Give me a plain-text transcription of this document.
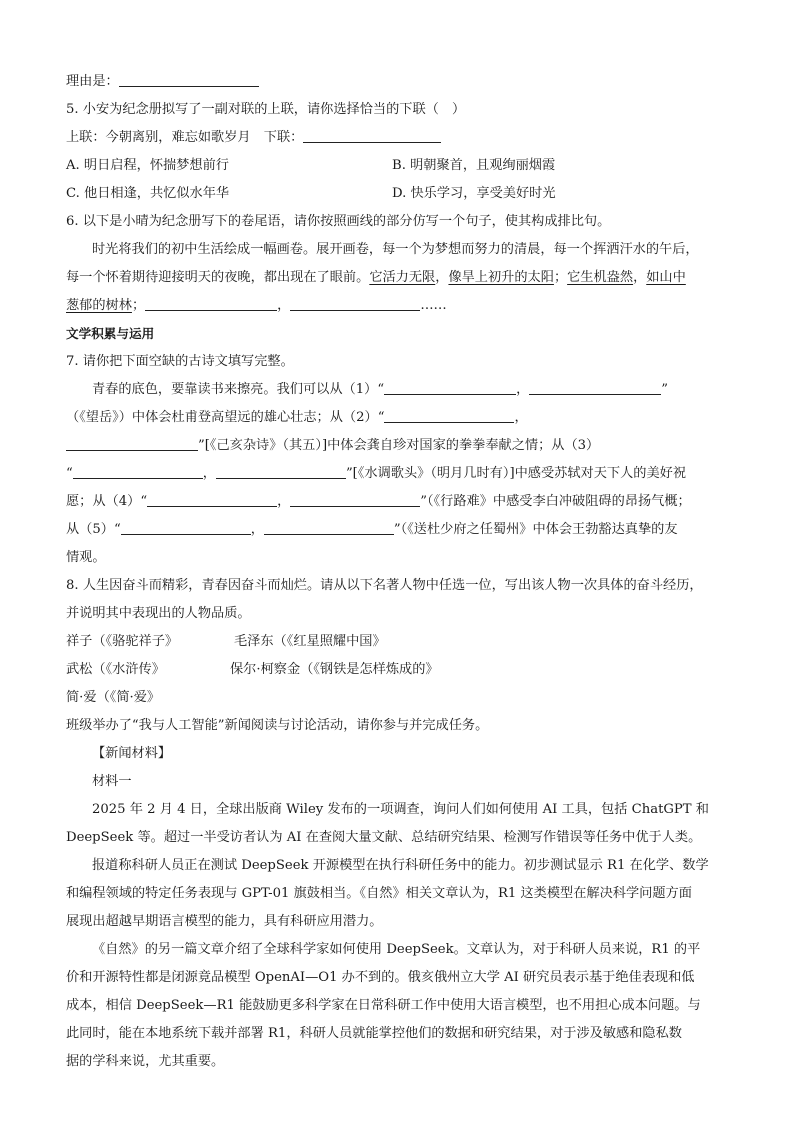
理由是：
5. 小安为纪念册拟写了一副对联的上联，请你选择恰当的下联（　）
上联：今朝离别，难忘如歌岁月　下联：
A. 明日启程，怀揣梦想前行	B. 明朝聚首，且观绚丽烟霞
C. 他日相逢，共忆似水年华	D. 快乐学习，享受美好时光
6. 以下是小晴为纪念册写下的卷尾语，请你按照画线的部分仿写一个句子，使其构成排比句。
时光将我们的初中生活绘成一幅画卷。展开画卷，每一个为梦想而努力的清晨，每一个挥洒汗水的午后，
每一个怀着期待迎接明天的夜晚，都出现在了眼前。它活力无限，像旱上初升的太阳；它生机盎然，如山中
葱郁的树林；	，	……
文学积累与运用
7. 请你把下面空缺的古诗文填写完整。
青春的底色，要靠读书来擦亮。我们可以从（1）“	，	”
（《望岳》）中体会杜甫登高望远的雄心壮志；从（2）“	，
”[《己亥杂诗》（其五）]中体会龚自珍对国家的拳拳奉献之情；从（3）
“	，	”[《水调歌头》（明月几时有）]中感受苏轼对天下人的美好祝
愿；从（4）“	，	”（《行路难》中感受李白冲破阻碍的昂扬气概；
从（5）“	，	”（《送杜少府之任蜀州》中体会王勃豁达真挚的友
情观。
8. 人生因奋斗而精彩，青春因奋斗而灿烂。请从以下名著人物中任选一位，写出该人物一次具体的奋斗经历，
并说明其中表现出的人物品质。
祥子（《骆驼祥子》	毛泽东（《红星照耀中国》
武松（《水浒传》	保尔·柯察金（《钢铁是怎样炼成的》
简·爱（《简·爱》
班级举办了“我与人工智能”新闻阅读与讨论活动，请你参与并完成任务。
【新闻材料】
材料一
2025 年 2 月 4 日，全球出版商 Wiley 发布的一项调查，询问人们如何使用 AI 工具，包括 ChatGPT 和
DeepSeek 等。超过一半受访者认为 AI 在查阅大量文献、总结研究结果、检测写作错误等任务中优于人类。
报道称科研人员正在测试 DeepSeek 开源模型在执行科研任务中的能力。初步测试显示 R1 在化学、数学
和编程领域的特定任务表现与 GPT-01 旗鼓相当。《自然》相关文章认为，R1 这类模型在解决科学问题方面
展现出超越早期语言模型的能力，具有科研应用潜力。
《自然》的另一篇文章介绍了全球科学家如何使用 DeepSeek。文章认为，对于科研人员来说，R1 的平
价和开源特性都是闭源竟品模型 OpenAI—O1 办不到的。俄亥俄州立大学 AI 研究员表示基于绝佳表现和低
成本，相信 DeepSeek—R1 能鼓励更多科学家在日常科研工作中使用大语言模型，也不用担心成本问题。与
此同时，能在本地系统下载并部署 R1，科研人员就能掌控他们的数据和研究结果，对于涉及敏感和隐私数
据的学科来说，尤其重要。
